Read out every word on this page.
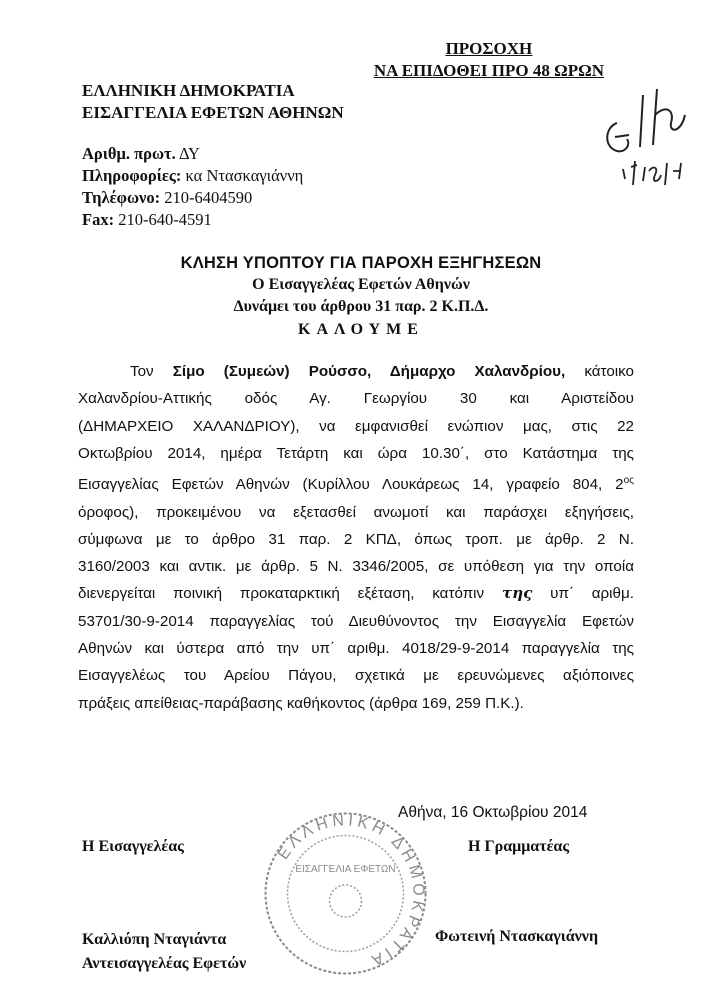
ΠΡΟΣΟΧΗ
ΝΑ ΕΠΙΔΟΘΕΙ ΠΡΟ 48 ΩΡΩΝ
ΕΛΛΗΝΙΚΗ ΔΗΜΟΚΡΑΤΙΑ
ΕΙΣΑΓΓΕΛΙΑ ΕΦΕΤΩΝ ΑΘΗΝΩΝ
Αριθμ. πρωτ. ΔΥ
Πληροφορίες: κα Ντασκαγιάννη
Τηλέφωνο: 210-6404590
Fax: 210-640-4591
ΚΛΗΣΗ ΥΠΟΠΤΟΥ ΓΙΑ ΠΑΡΟΧΗ ΕΞΗΓΗΣΕΩΝ
Ο Εισαγγελέας Εφετών Αθηνών
Δυνάμει του άρθρου 31 παρ. 2 Κ.Π.Δ.
ΚΑΛΟΥΜΕ
Τον Σίμο (Συμεών) Ρούσσο, Δήμαρχο Χαλανδρίου, κάτοικο
Χαλανδρίου-Αττικής οδός Αγ. Γεωργίου 30 και Αριστείδου
(ΔΗΜΑΡΧΕΙΟ ΧΑΛΑΝΔΡΙΟΥ), να εμφανισθεί ενώπιον μας, στις 22
Οκτωβρίου 2014, ημέρα Τετάρτη και ώρα 10.30΄, στο Κατάστημα της
Εισαγγελίας Εφετών Αθηνών (Κυρίλλου Λουκάρεως 14, γραφείο 804, $2^{o\varsigma}$
όροφος), προκειμένου να εξετασθεί ανωμοτί και παράσχει εξηγήσεις,
σύμφωνα με το άρθρο 31 παρ. 2 ΚΠΔ, όπως τροπ. με άρθρ. 2 Ν.
3160/2003 και αντικ. με άρθρ. 5 Ν. 3346/2005, σε υπόθεση για την οποία
διενεργείται ποινική προκαταρκτική εξέταση, κατόπιν της υπ΄ αριθμ.
53701/30-9-2014 παραγγελίας τού Διευθύνοντος την Εισαγγελία Εφετών
Αθηνών και ύστερα από την υπ΄ αριθμ. 4018/29-9-2014 παραγγελία της
Εισαγγελέως του Αρείου Πάγου, σχετικά με ερευνώμενες αξιόποινες
πράξεις απείθειας-παράβασης καθήκοντος (άρθρα 169, 259 Π.Κ.).
Αθήνα, 16 Οκτωβρίου 2014
ΕΛΛΗΝΙΚΗ ΔΗΜΟΚΡΑΤΙΑ
ΕΙΣΑΓΓΕΛΙΑ ΕΦΕΤΩΝ
Η Εισαγγελέας	Η Γραμματέας
Καλλιόπη Νταγιάντα
Αντεισαγγελέας Εφετών
Φωτεινή Ντασκαγιάννη
